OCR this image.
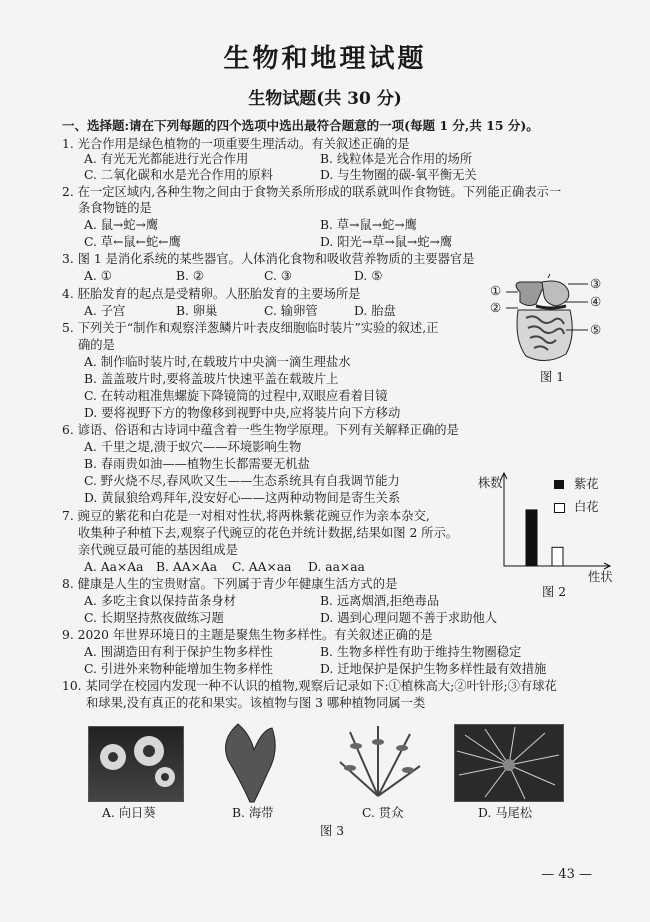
生物和地理试题
生物试题(共 30 分)
一、选择题:请在下列每题的四个选项中选出最符合题意的一项(每题 1 分,共 15 分)。
1. 光合作用是绿色植物的一项重要生理活动。有关叙述正确的是
A. 有光无光都能进行光合作用	B. 线粒体是光合作用的场所
C. 二氧化碳和水是光合作用的原料	D. 与生物圈的碳-氧平衡无关
2. 在一定区域内,各种生物之间由于食物关系所形成的联系就叫作食物链。下列能正确表示一
条食物链的是
A. 鼠→蛇→鹰	B. 草→鼠→蛇→鹰
C. 草←鼠←蛇←鹰	D. 阳光→草→鼠→蛇→鹰
3. 图 1 是消化系统的某些器官。人体消化食物和吸收营养物质的主要器官是
A. ①	B. ②	C. ③	D. ⑤
4. 胚胎发育的起点是受精卵。人胚胎发育的主要场所是
A. 子宫	B. 卵巢	C. 输卵管	D. 胎盘
5. 下列关于“制作和观察洋葱鳞片叶表皮细胞临时装片”实验的叙述,正
确的是
A. 制作临时装片时,在载玻片中央滴一滴生理盐水
B. 盖盖玻片时,要将盖玻片快速平盖在载玻片上
C. 在转动粗准焦螺旋下降镜筒的过程中,双眼应看着目镜
D. 要将视野下方的物像移到视野中央,应将装片向下方移动
6. 谚语、俗语和古诗词中蕴含着一些生物学原理。下列有关解释正确的是
A. 千里之堤,溃于蚁穴——环境影响生物
B. 春雨贵如油——植物生长都需要无机盐
C. 野火烧不尽,春风吹又生——生态系统具有自我调节能力
D. 黄鼠狼给鸡拜年,没安好心——这两种动物间是寄生关系
7. 豌豆的紫花和白花是一对相对性状,将两株紫花豌豆作为亲本杂交,
收集种子种植下去,观察子代豌豆的花色并统计数据,结果如图 2 所示。
亲代豌豆最可能的基因组成是
A. Aa×Aa B. AA×Aa C. AA×aa D. aa×aa
8. 健康是人生的宝贵财富。下列属于青少年健康生活方式的是
A. 多吃主食以保持苗条身材	B. 远离烟酒,拒绝毒品
C. 长期坚持熬夜做练习题	D. 遇到心理问题不善于求助他人
9. 2020 年世界环境日的主题是聚焦生物多样性。有关叙述正确的是
A. 围湖造田有利于保护生物多样性	B. 生物多样性有助于维持生物圈稳定
C. 引进外来物种能增加生物多样性	D. 迁地保护是保护生物多样性最有效措施
10. 某同学在校园内发现一种不认识的植物,观察后记录如下:①植株高大;②叶针形;③有球花
和球果,没有真正的花和果实。该植物与图 3 哪种植物同属一类
①
②
③
④
⑤
图 1
株数
性状
紫花
白花
图 2
A. 向日葵	B. 海带	C. 贯众	D. 马尾松
图 3
— 43 —
